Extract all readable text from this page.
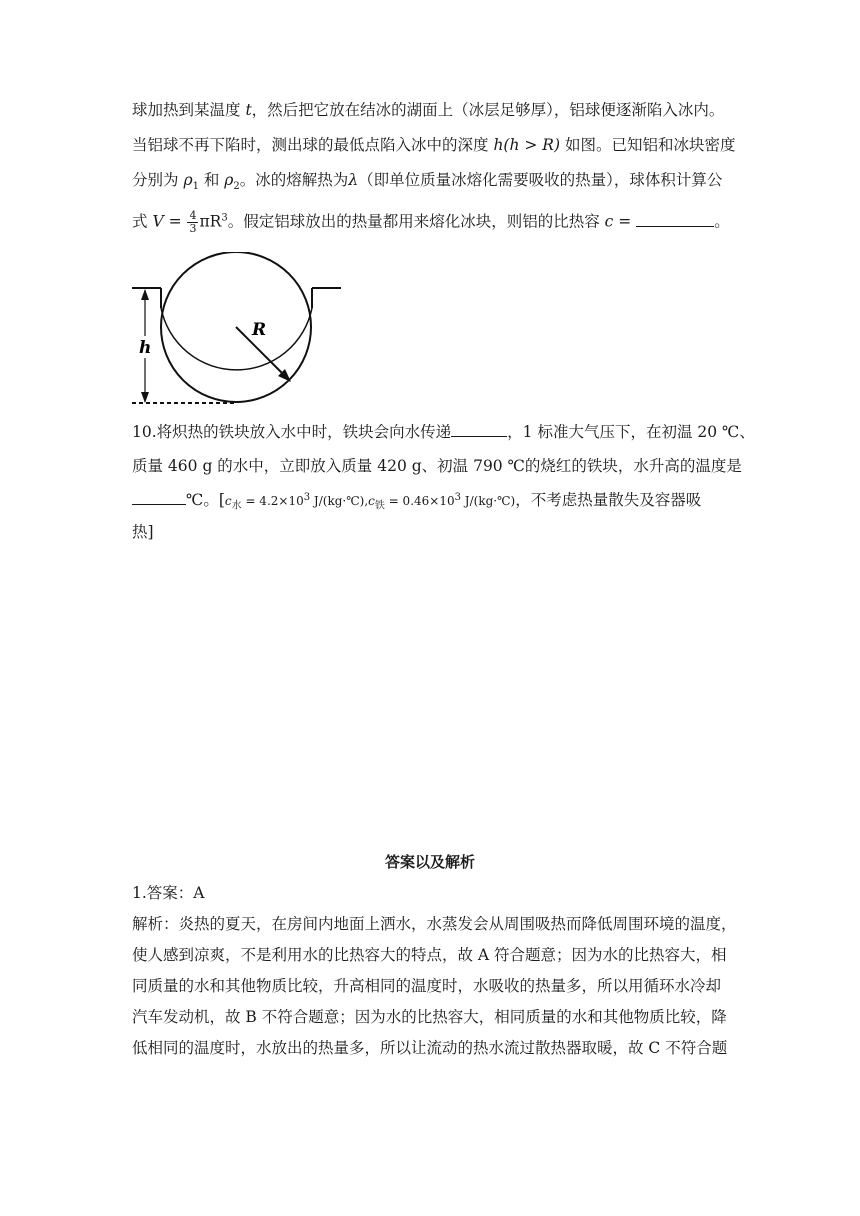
球加热到某温度 t，然后把它放在结冰的湖面上（冰层足够厚），铝球便逐渐陷入冰内。
当铝球不再下陷时，测出球的最低点陷入冰中的深度 h(h > R) 如图。已知铝和冰块密度
分别为 $\rho_1$ 和 $\rho_2$。冰的熔解热为λ（即单位质量冰熔化需要吸收的热量），球体积计算公
式 $V = \frac{4}{3} \pi R^3$。假定铝球放出的热量都用来熔化冰块，则铝的比热容 c =	。
R
h
10.将炽热的铁块放入水中时，铁块会向水传递	，1 标准大气压下，在初温 20 ℃、
质量 460 g 的水中，立即放入质量 420 g、初温 790 ℃的烧红的铁块，水升高的温度是
℃。[$c_水 = 4.2\times 10^3$ $J/(kg\cdot℃),c_铁 = 0.46\times 10^3$ J/(kg·℃)，不考虑热量散失及容器吸
热]
答案以及解析
1.答案：A
解析：炎热的夏天，在房间内地面上洒水，水蒸发会从周围吸热而降低周围环境的温度，
使人感到凉爽，不是利用水的比热容大的特点，故 A 符合题意；因为水的比热容大，相
同质量的水和其他物质比较，升高相同的温度时，水吸收的热量多，所以用循环水冷却
汽车发动机，故 B 不符合题意；因为水的比热容大，相同质量的水和其他物质比较，降
低相同的温度时，水放出的热量多，所以让流动的热水流过散热器取暖，故 C 不符合题
